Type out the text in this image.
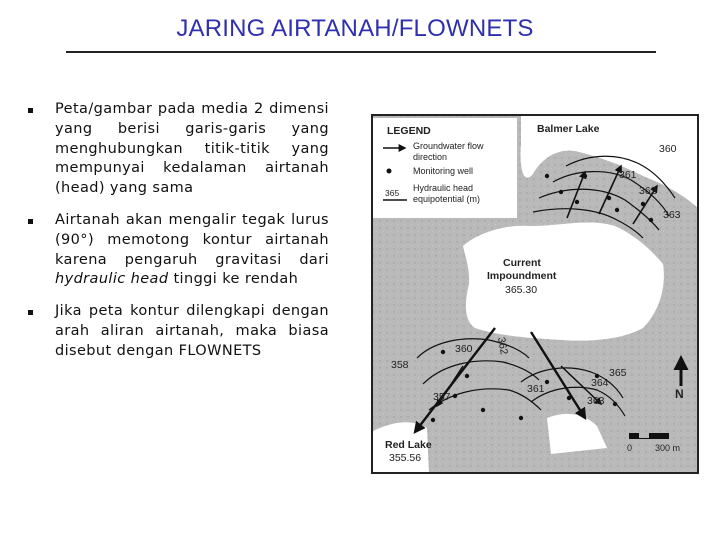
JARING AIRTANAH/FLOWNETS
Peta/gambar pada media 2 dimensi yang berisi garis-garis yang menghubungkan titik-titik yang mempunyai kedalaman airtanah (head) yang sama
Airtanah akan mengalir tegak lurus (90°) memotong kontur airtanah karena pengaruh gravitasi dari hydraulic head tinggi ke rendah
Jika peta kontur dilengkapi dengan arah aliran airtanah, maka biasa disebut dengan FLOWNETS
LEGEND
Groundwater flow
direction
Monitoring well
365 Hydraulic head
equipotential (m)
Balmer Lake 358.40
360
361
362
363
Current
Impoundment
365.30
358
360 362
357
361	364
365
363	N
Red Lake
355.56
0	300 m
